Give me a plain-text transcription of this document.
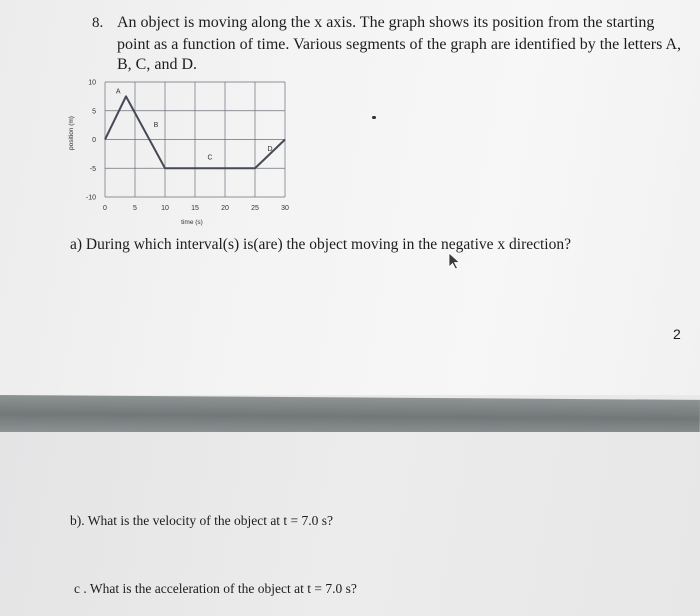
8. An object is moving along the x axis. The graph shows its position from the starting
point as a function of time. Various segments of the graph are identified by the letters A,
B, C, and D.
0	5	10	15	20	25	30
10
5
0
-5
-10
A
B
C
D
time (s)
position (m)
a) During which interval(s) is(are) the object moving in the negative x direction?
2
b). What is the velocity of the object at t = 7.0 s?
c . What is the acceleration of the object at t = 7.0 s?
